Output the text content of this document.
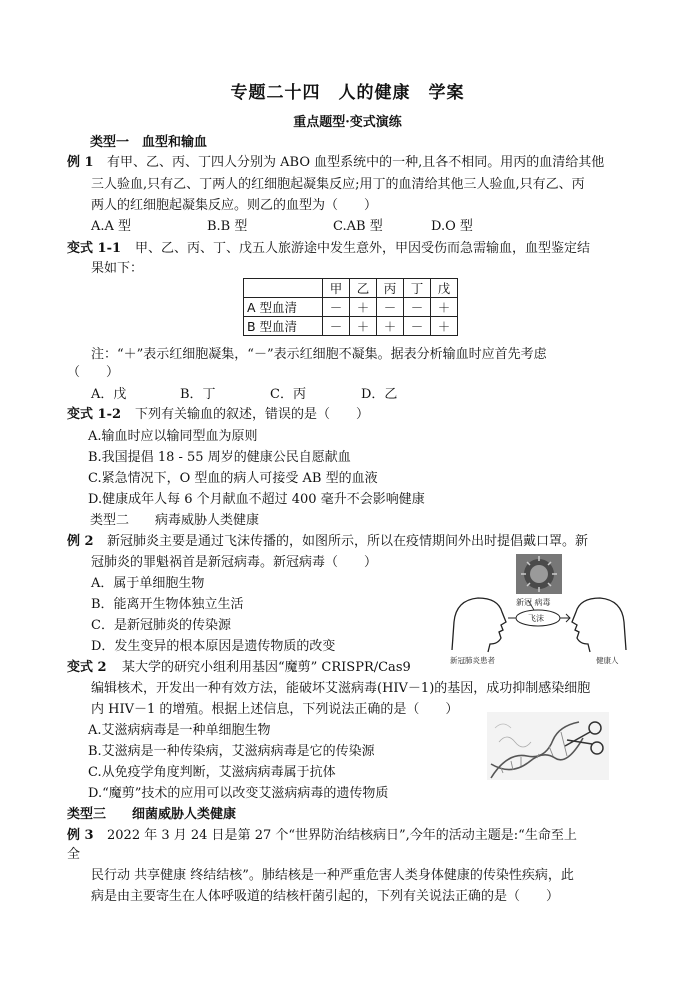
专题二十四　人的健康　学案
重点题型·变式演练
类型一　血型和输血
例 1 有甲、乙、丙、丁四人分别为 ABO 血型系统中的一种,且各不相同。用丙的血清给其他
三人验血,只有乙、丁两人的红细胞起凝集反应;用丁的血清给其他三人验血,只有乙、丙
两人的红细胞起凝集反应。则乙的血型为（　　）
A.A 型	B.B 型	C.AB 型	D.O 型
变式 1-1 甲、乙、丙、丁、戊五人旅游途中发生意外，甲因受伤而急需输血，血型鉴定结
果如下：
	甲	乙	丙	丁	戊
A 型血清	－	＋	－	－	＋
B 型血清	－	＋	＋	－	＋
注：“＋”表示红细胞凝集，“－”表示红细胞不凝集。据表分析输血时应首先考虑
（　　）
A．戊	B．丁	C．丙	D．乙
变式 1-2 下列有关输血的叙述，错误的是（　　）
A.输血时应以输同型血为原则
B.我国提倡 18 - 55 周岁的健康公民自愿献血
C.紧急情况下，O 型血的病人可接受 AB 型的血液
D.健康成年人每 6 个月献血不超过 400 毫升不会影响健康
类型二　　病毒威胁人类健康
例 2 新冠肺炎主要是通过飞沫传播的，如图所示，所以在疫情期间外出时提倡戴口罩。新
冠肺炎的罪魁祸首是新冠病毒。新冠病毒（　　）
A．属于单细胞生物
B．能离开生物体独立生活
C．是新冠肺炎的传染源
D．发生变异的根本原因是遗传物质的改变
新冠 病毒
飞沫
新冠肺炎患者	健康人
变式 2 某大学的研究小组利用基因“魔剪” CRISPR/Cas9
编辑核术，开发出一种有效方法，能破坏艾滋病毒(HIV－1)的基因，成功抑制感染细胞
内 HIV－1 的增殖。根据上述信息，下列说法正确的是（　　）
A.艾滋病病毒是一种单细胞生物
B.艾滋病是一种传染病，艾滋病病毒是它的传染源
C.从免疫学角度判断，艾滋病病毒属于抗体
D.“魔剪”技术的应用可以改变艾滋病病毒的遗传物质
类型三　　细菌威胁人类健康
例 3 2022 年 3 月 24 日是第 27 个“世界防治结核病日”,今年的活动主题是:“生命至上
全
民行动 共享健康 终结结核”。肺结核是一种严重危害人类身体健康的传染性疾病，此
病是由主要寄生在人体呼吸道的结核杆菌引起的，下列有关说法正确的是（　　）
